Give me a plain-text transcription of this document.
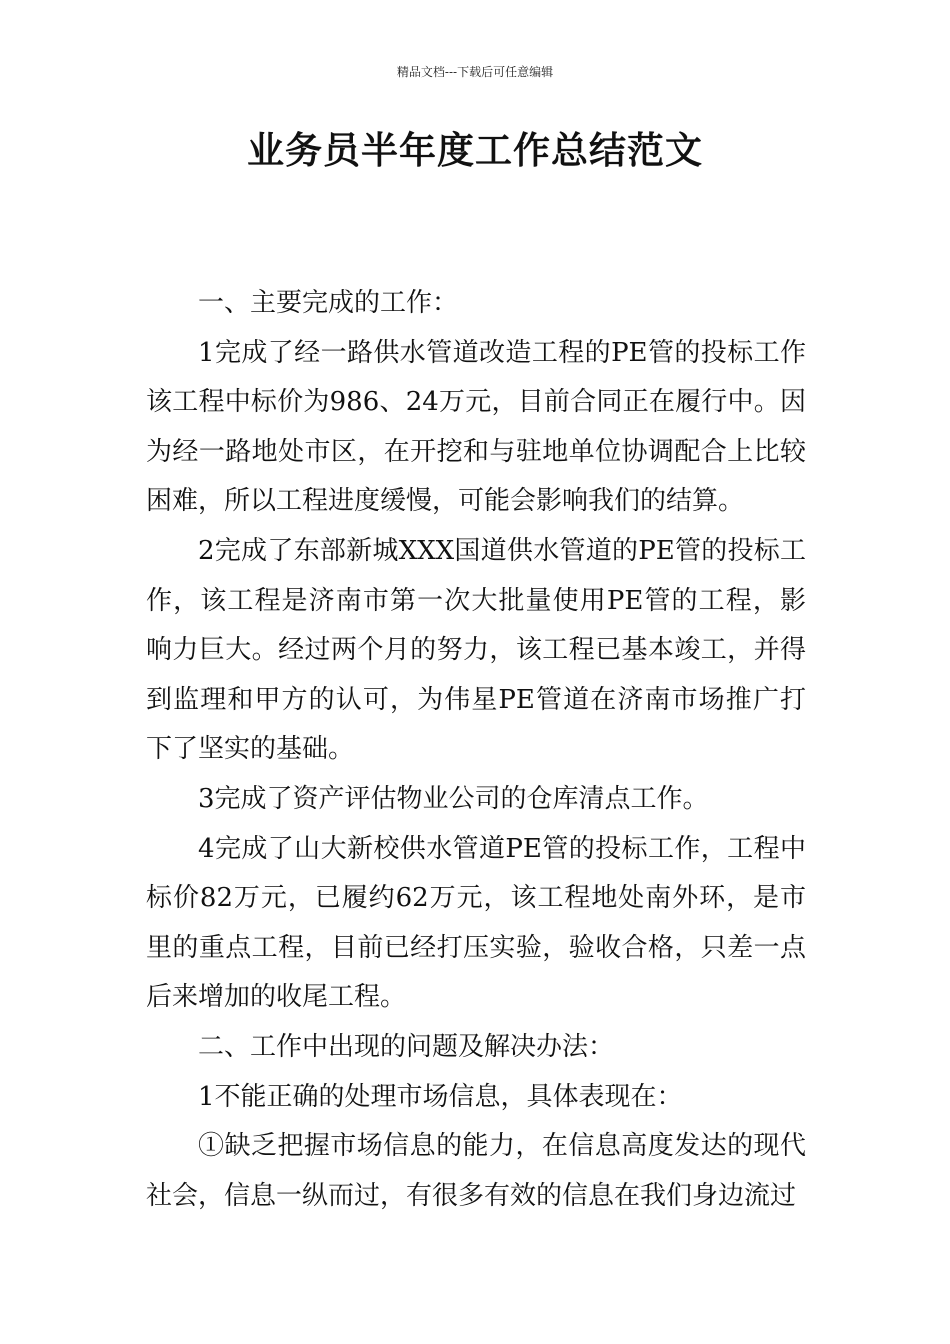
精品文档---下载后可任意编辑
业务员半年度工作总结范文

一、主要完成的工作：

1完成了经一路供水管道改造工程的PE管的投标工作该工程中标价为986、24万元，目前合同正在履行中。因为经一路地处市区，在开挖和与驻地单位协调配合上比较困难，所以工程进度缓慢，可能会影响我们的结算。

2完成了东部新城XXX国道供水管道的PE管的投标工作，该工程是济南市第一次大批量使用PE管的工程，影响力巨大。经过两个月的努力，该工程已基本竣工，并得到监理和甲方的认可，为伟星PE管道在济南市场推广打下了坚实的基础。

3完成了资产评估物业公司的仓库清点工作。

4完成了山大新校供水管道PE管的投标工作，工程中标价82万元，已履约62万元，该工程地处南外环，是市里的重点工程，目前已经打压实验，验收合格，只差一点后来增加的收尾工程。

二、工作中出现的问题及解决办法：

1不能正确的处理市场信息，具体表现在：

①缺乏把握市场信息的能力，在信息高度发达的现代社会，信息一纵而过，有很多有效的信息在我们身边流过
